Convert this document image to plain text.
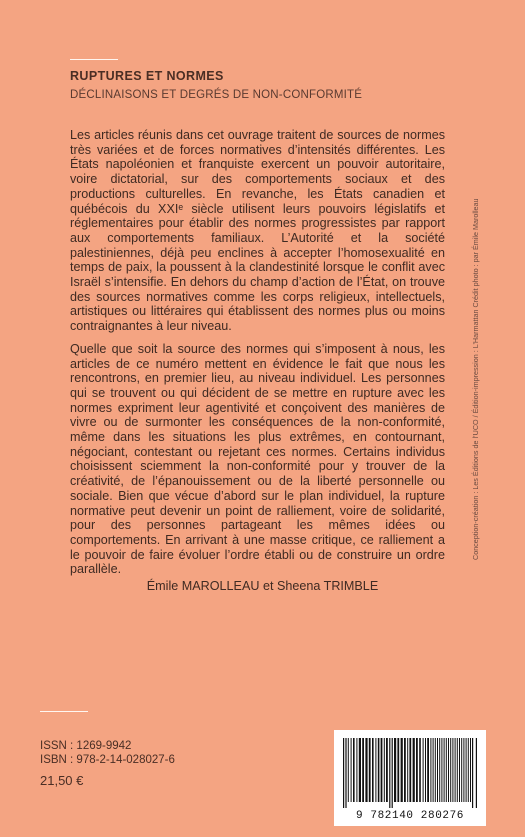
RUPTURES ET NORMES
DÉCLINAISONS ET DEGRÉS DE NON-CONFORMITÉ

Les articles réunis dans cet ouvrage traitent de sources de normes très variées et de forces normatives d’intensités différentes. Les États napoléonien et franquiste exercent un pouvoir autoritaire, voire dictatorial, sur des comportements sociaux et des productions culturelles. En revanche, les États canadien et québécois du XXIᵉ siècle utilisent leurs pouvoirs législatifs et réglementaires pour établir des normes progressistes par rapport aux comportements familiaux. L’Autorité et la société palestiniennes, déjà peu enclines à accepter l’homosexualité en temps de paix, la poussent à la clandestinité lorsque le conflit avec Israël s’intensifie. En dehors du champ d’action de l’État, on trouve des sources normatives comme les corps religieux, intellectuels, artistiques ou littéraires qui établissent des normes plus ou moins contraignantes à leur niveau.

Quelle que soit la source des normes qui s’imposent à nous, les articles de ce numéro mettent en évidence le fait que nous les rencontrons, en premier lieu, au niveau individuel. Les personnes qui se trouvent ou qui décident de se mettre en rupture avec les normes expriment leur agentivité et conçoivent des manières de vivre ou de surmonter les conséquences de la non-conformité, même dans les situations les plus extrêmes, en contournant, négociant, contestant ou rejetant ces normes. Certains individus choisissent sciemment la non-conformité pour y trouver de la créativité, de l’épanouissement ou de la liberté personnelle ou sociale. Bien que vécue d’abord sur le plan individuel, la rupture normative peut devenir un point de ralliement, voire de solidarité, pour des personnes partageant les mêmes idées ou comportements. En arrivant à une masse critique, ce ralliement a le pouvoir de faire évoluer l’ordre établi ou de construire un ordre parallèle.

Émile MAROLLEAU et Sheena TRIMBLE
Conception-création : Les Éditions de l’UCO / Édition-impression : L’Harmattan Crédit photo : par Émile Marolleau
ISSN : 1269-9942
ISBN : 978-2-14-028027-6
21,50 €
9 782140 280276
